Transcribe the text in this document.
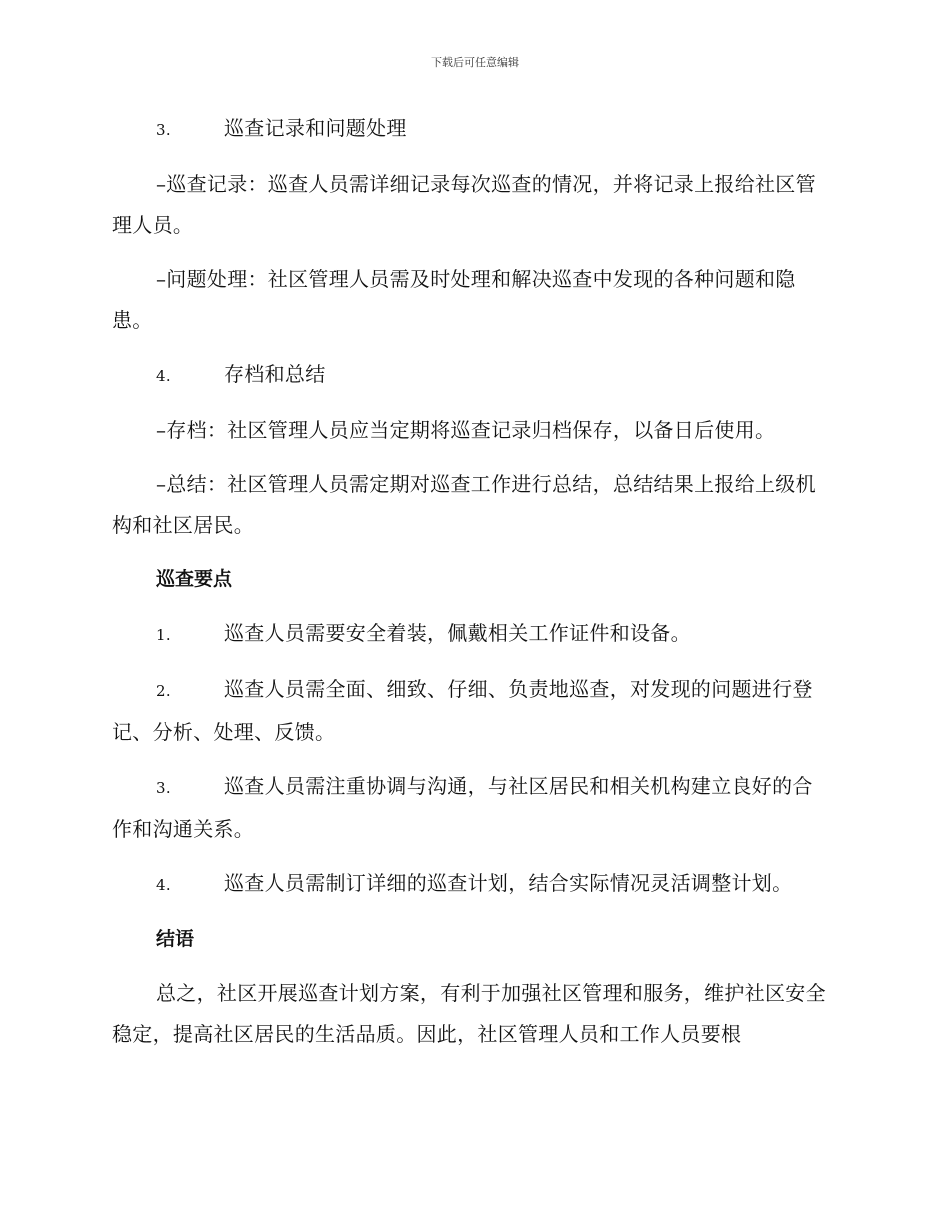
下载后可任意编辑
3.	巡查记录和问题处理
–巡查记录：巡查人员需详细记录每次巡查的情况，并将记录上报给社区管理人员。
–问题处理：社区管理人员需及时处理和解决巡查中发现的各种问题和隐患。
4.	存档和总结
–存档：社区管理人员应当定期将巡查记录归档保存，以备日后使用。
–总结：社区管理人员需定期对巡查工作进行总结，总结结果上报给上级机构和社区居民。
巡查要点
1.	巡查人员需要安全着装，佩戴相关工作证件和设备。
2.	巡查人员需全面、细致、仔细、负责地巡查，对发现的问题进行登记、分析、处理、反馈。
3.	巡查人员需注重协调与沟通，与社区居民和相关机构建立良好的合作和沟通关系。
4.	巡查人员需制订详细的巡查计划，结合实际情况灵活调整计划。
结语
总之，社区开展巡查计划方案，有利于加强社区管理和服务，维护社区安全稳定，提高社区居民的生活品质。因此，社区管理人员和工作人员要根
